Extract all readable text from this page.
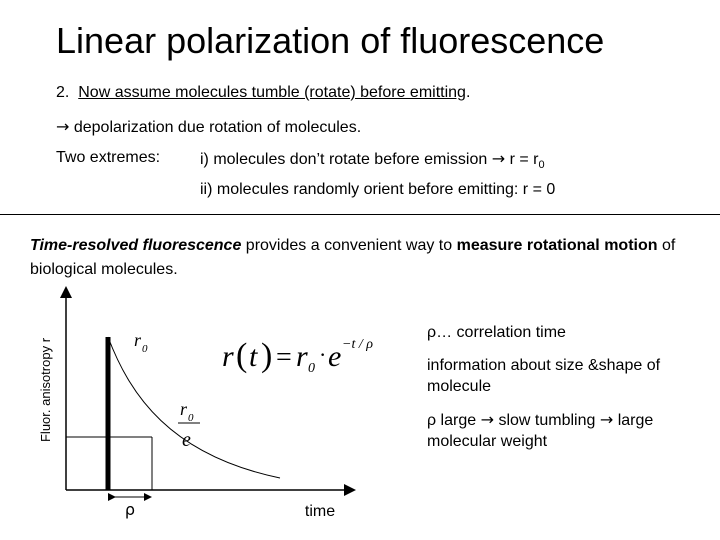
Linear polarization of fluorescence
2. Now assume molecules tumble (rotate) before emitting.
→ depolarization due rotation of molecules.
Two extremes: i) molecules don’t rotate before emission → $r = r_0$
ii) molecules randomly orient before emitting: r = 0
Time-resolved fluorescence provides a convenient way to measure rotational motion of biological molecules.
ρ	time
Fluor. anisotropy r	r 0
r 0
e
r ( t ) = r 0
· e −t / ρ
ρ… correlation time
information about size &shape of molecule
ρ large → slow tumbling → large molecular weight
